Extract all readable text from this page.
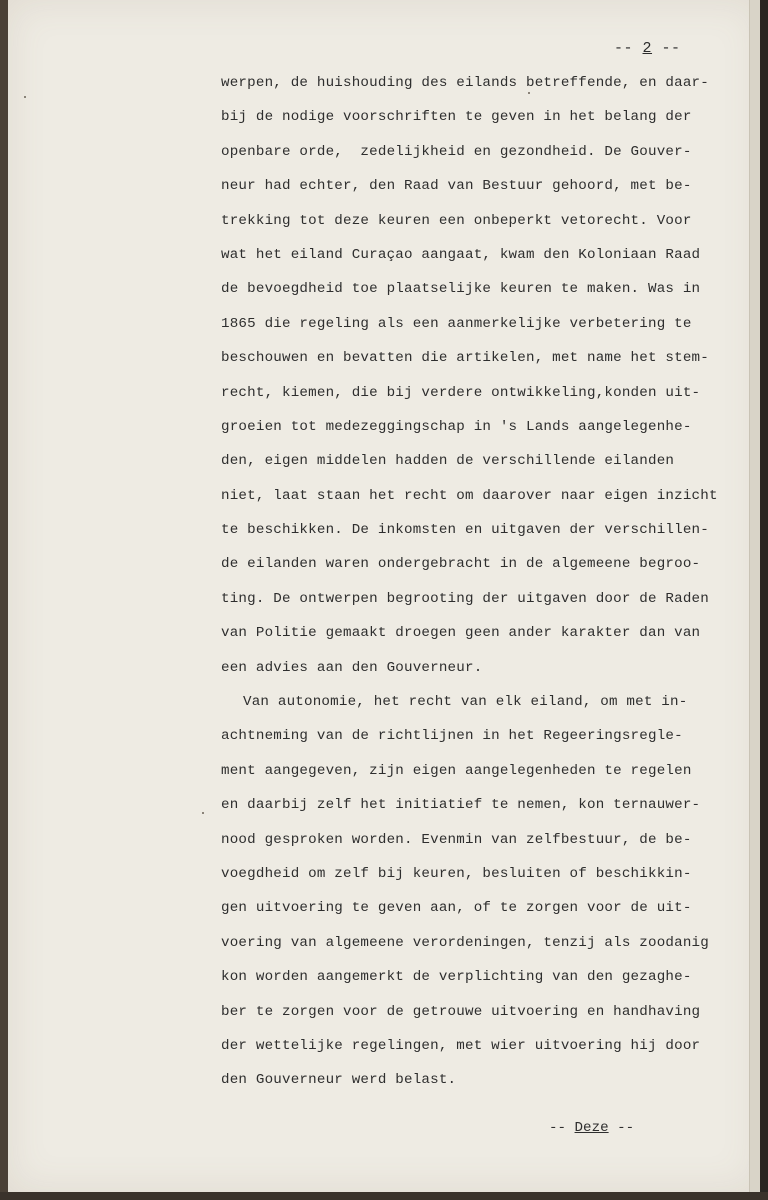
-- 2 --
werpen, de huishouding des eilands betreffende, en daar-
bij de nodige voorschriften te geven in het belang der
openbare orde,  zedelijkheid en gezondheid. De Gouver-
neur had echter, den Raad van Bestuur gehoord, met be-
trekking tot deze keuren een onbeperkt vetorecht. Voor
wat het eiland Curaçao aangaat, kwam den Koloniaan Raad
de bevoegdheid toe plaatselijke keuren te maken. Was in
1865 die regeling als een aanmerkelijke verbetering te
beschouwen en bevatten die artikelen, met name het stem-
recht, kiemen, die bij verdere ontwikkeling,konden uit-
groeien tot medezeggingschap in 's Lands aangelegenhe-
den, eigen middelen hadden de verschillende eilanden
niet, laat staan het recht om daarover naar eigen inzicht
te beschikken. De inkomsten en uitgaven der verschillen-
de eilanden waren ondergebracht in de algemeene begroo-
ting. De ontwerpen begrooting der uitgaven door de Raden
van Politie gemaakt droegen geen ander karakter dan van
een advies aan den Gouverneur.
Van autonomie, het recht van elk eiland, om met in-
achtneming van de richtlijnen in het Regeeringsregle-
ment aangegeven, zijn eigen aangelegenheden te regelen
en daarbij zelf het initiatief te nemen, kon ternauwer-
nood gesproken worden. Evenmin van zelfbestuur, de be-
voegdheid om zelf bij keuren, besluiten of beschikkin-
gen uitvoering te geven aan, of te zorgen voor de uit-
voering van algemeene verordeningen, tenzij als zoodanig
kon worden aangemerkt de verplichting van den gezaghe-
ber te zorgen voor de getrouwe uitvoering en handhaving
der wettelijke regelingen, met wier uitvoering hij door
den Gouverneur werd belast.
-- Deze --
